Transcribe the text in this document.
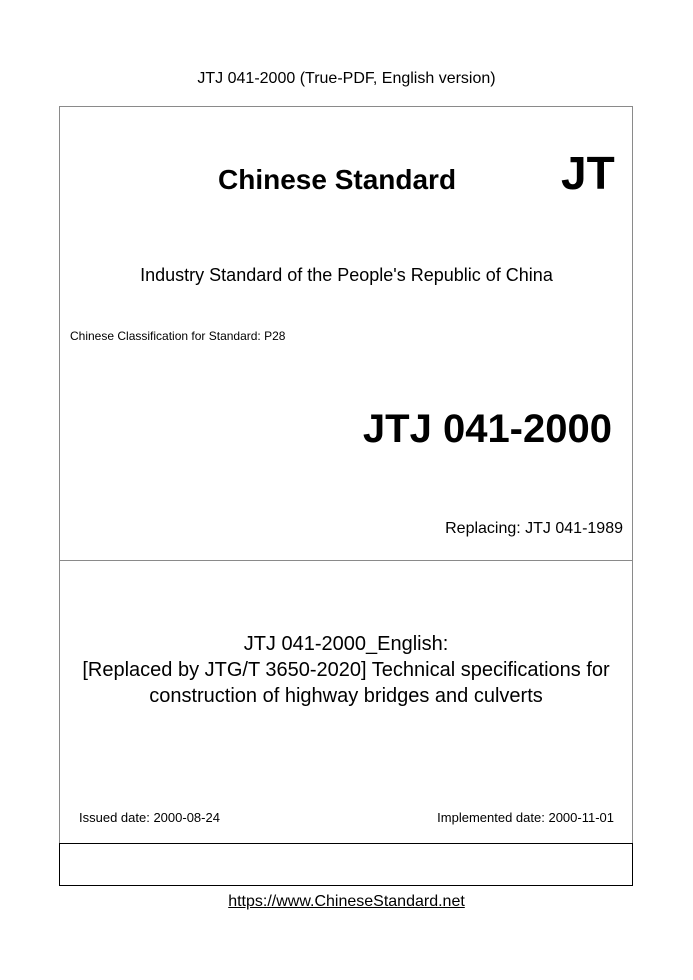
JTJ 041-2000 (True-PDF, English version)
Chinese Standard JT
Industry Standard of the People's Republic of China
Chinese Classification for Standard: P28
JTJ 041-2000
Replacing: JTJ 041-1989
JTJ 041-2000_English:
[Replaced by JTG/T 3650-2020] Technical specifications for
construction of highway bridges and culverts
Issued date: 2000-08-24	Implemented date: 2000-11-01
https://www.ChineseStandard.net
